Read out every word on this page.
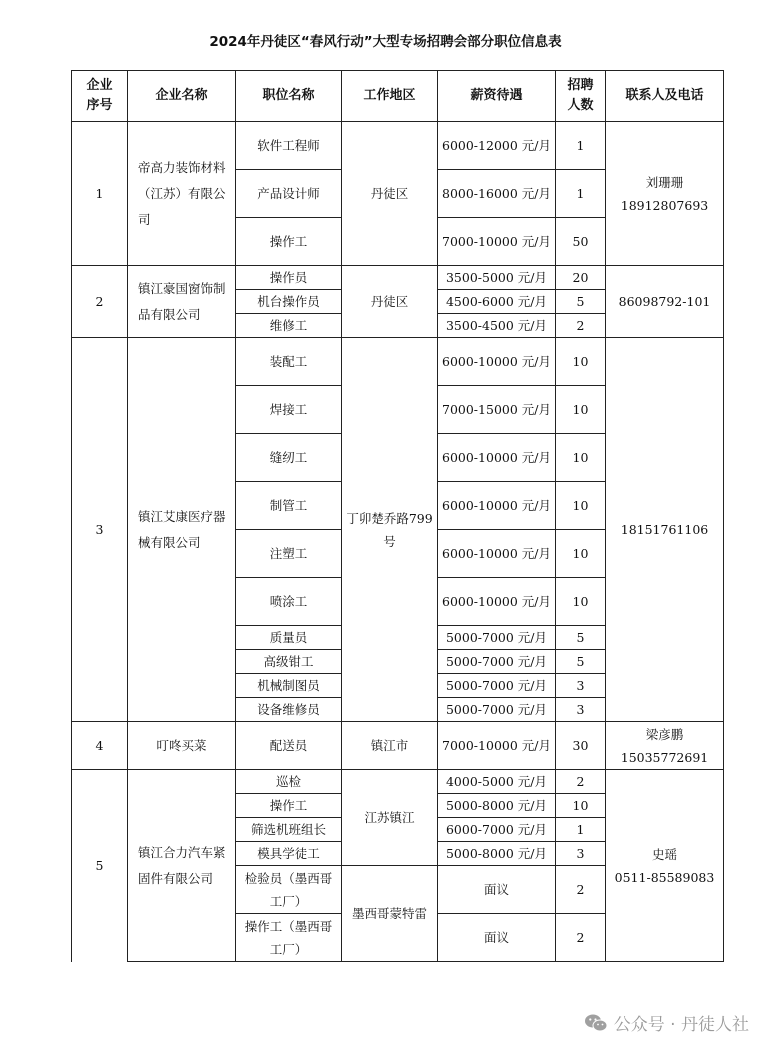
2024年丹徒区“春风行动”大型专场招聘会部分职位信息表
企业序号	企业名称	职位名称	工作地区	薪资待遇	招聘人数	联系人及电话
1	帝高力装饰材料（江苏）有限公司	软件工程师	丹徒区	6000-12000 元/月	1	刘珊珊
18912807693
		产品设计师		8000-16000 元/月	1	
		操作工		7000-10000 元/月	50	
2	镇江豪国窗饰制品有限公司	操作员	丹徒区	3500-5000 元/月	20	86098792-101
		机台操作员		4500-6000 元/月	5	
		维修工		3500-4500 元/月	2	
3	镇江艾康医疗器械有限公司	装配工	丁卯楚乔路799 号	6000-10000 元/月	10	18151761106
		焊接工		7000-15000 元/月	10	
		缝纫工		6000-10000 元/月	10	
		制管工		6000-10000 元/月	10	
		注塑工		6000-10000 元/月	10	
		喷涂工		6000-10000 元/月	10	
		质量员		5000-7000 元/月	5	
		高级钳工		5000-7000 元/月	5	
		机械制图员		5000-7000 元/月	3	
		设备维修员		5000-7000 元/月	3	
4	叮咚买菜	配送员	镇江市	7000-10000 元/月	30	梁彦鹏
15035772691
5	镇江合力汽车紧固件有限公司	巡检	江苏镇江	4000-5000 元/月	2	史瑶
0511-85589083
		操作工		5000-8000 元/月	10	
		筛选机班组长		6000-7000 元/月	1	
		模具学徒工		5000-8000 元/月	3	
		检验员（墨西哥工厂）	墨西哥蒙特雷	面议	2	
		操作工（墨西哥工厂）		面议	2	
公众号 · 丹徒人社
